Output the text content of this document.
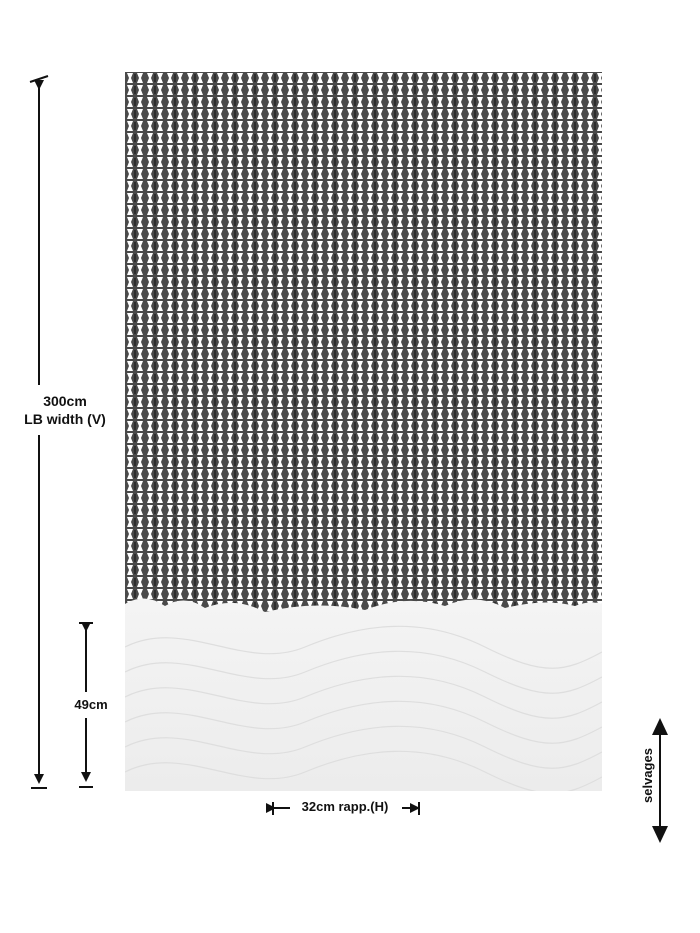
300cm
LB width (V)
49cm
32cm rapp.(H)
selvages
